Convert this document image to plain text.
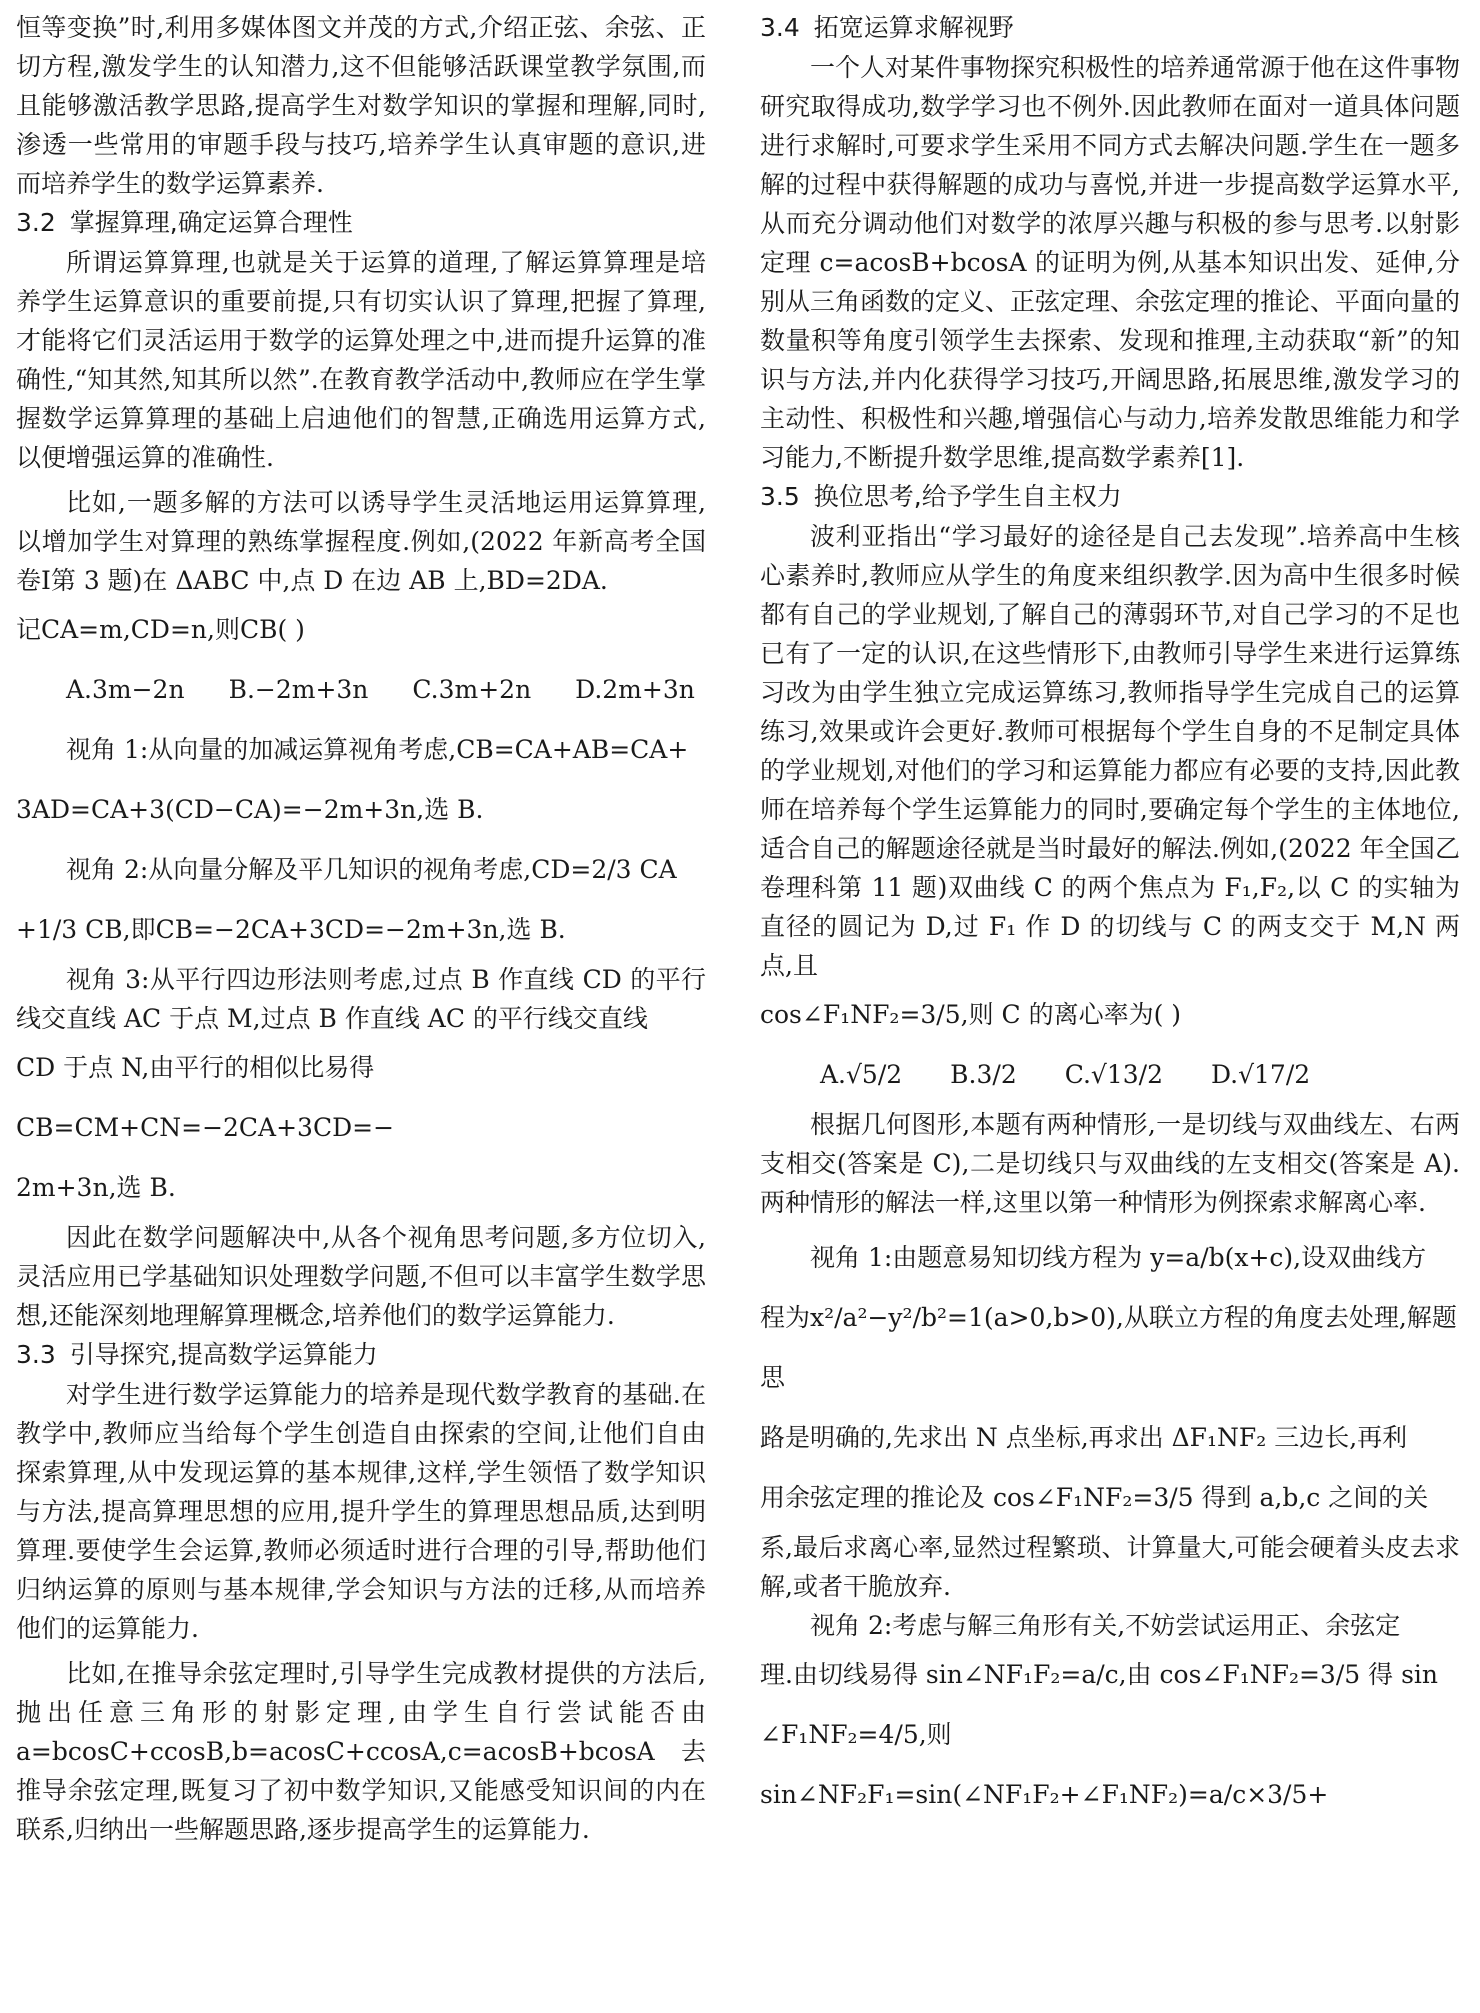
恒等变换”时,利用多媒体图文并茂的方式,介绍正弦、余弦、正切方程,激发学生的认知潜力,这不但能够活跃课堂教学氛围,而且能够激活教学思路,提高学生对数学知识的掌握和理解,同时,渗透一些常用的审题手段与技巧,培养学生认真审题的意识,进而培养学生的数学运算素养.

3.2 掌握算理,确定运算合理性

所谓运算算理,也就是关于运算的道理,了解运算算理是培养学生运算意识的重要前提,只有切实认识了算理,把握了算理,才能将它们灵活运用于数学的运算处理之中,进而提升运算的准确性,“知其然,知其所以然”.在教育教学活动中,教师应在学生掌握数学运算算理的基础上启迪他们的智慧,正确选用运算方式,以便增强运算的准确性.

比如,一题多解的方法可以诱导学生灵活地运用运算算理,以增加学生对算理的熟练掌握程度.例如,(2022 年新高考全国卷Ⅰ第 3 题)在 ΔABC 中,点 D 在边 AB 上,BD=2DA.

记CA=m,CD=n,则CB( )

A.3m−2n B.−2m+3n C.3m+2n D.2m+3n

视角 1:从向量的加减运算视角考虑,CB=CA+AB=CA+

3AD=CA+3(CD−CA)=−2m+3n,选 B.

视角 2:从向量分解及平几知识的视角考虑,CD=2/3 CA

+1/3 CB,即CB=−2CA+3CD=−2m+3n,选 B.

视角 3:从平行四边形法则考虑,过点 B 作直线 CD 的平行线交直线 AC 于点 M,过点 B 作直线 AC 的平行线交直线

CD 于点 N,由平行的相似比易得CB=CM+CN=−2CA+3CD=−

2m+3n,选 B.

因此在数学问题解决中,从各个视角思考问题,多方位切入,灵活应用已学基础知识处理数学问题,不但可以丰富学生数学思想,还能深刻地理解算理概念,培养他们的数学运算能力.

3.3 引导探究,提高数学运算能力

对学生进行数学运算能力的培养是现代数学教育的基础.在教学中,教师应当给每个学生创造自由探索的空间,让他们自由探索算理,从中发现运算的基本规律,这样,学生领悟了数学知识与方法,提高算理思想的应用,提升学生的算理思想品质,达到明算理.要使学生会运算,教师必须适时进行合理的引导,帮助他们归纳运算的原则与基本规律,学会知识与方法的迁移,从而培养他们的运算能力.

比如,在推导余弦定理时,引导学生完成教材提供的方法后,抛出任意三角形的射影定理,由学生自行尝试能否由 a=bcosC+ccosB,b=acosC+ccosA,c=acosB+bcosA 去推导余弦定理,既复习了初中数学知识,又能感受知识间的内在联系,归纳出一些解题思路,逐步提高学生的运算能力.

3.4 拓宽运算求解视野

一个人对某件事物探究积极性的培养通常源于他在这件事物研究取得成功,数学学习也不例外.因此教师在面对一道具体问题进行求解时,可要求学生采用不同方式去解决问题.学生在一题多解的过程中获得解题的成功与喜悦,并进一步提高数学运算水平,从而充分调动他们对数学的浓厚兴趣与积极的参与思考.以射影定理 c=acosB+bcosA 的证明为例,从基本知识出发、延伸,分别从三角函数的定义、正弦定理、余弦定理的推论、平面向量的数量积等角度引领学生去探索、发现和推理,主动获取“新”的知识与方法,并内化获得学习技巧,开阔思路,拓展思维,激发学习的主动性、积极性和兴趣,增强信心与动力,培养发散思维能力和学习能力,不断提升数学思维,提高数学素养[1].

3.5 换位思考,给予学生自主权力

波利亚指出“学习最好的途径是自己去发现”.培养高中生核心素养时,教师应从学生的角度来组织教学.因为高中生很多时候都有自己的学业规划,了解自己的薄弱环节,对自己学习的不足也已有了一定的认识,在这些情形下,由教师引导学生来进行运算练习改为由学生独立完成运算练习,教师指导学生完成自己的运算练习,效果或许会更好.教师可根据每个学生自身的不足制定具体的学业规划,对他们的学习和运算能力都应有必要的支持,因此教师在培养每个学生运算能力的同时,要确定每个学生的主体地位,适合自己的解题途径就是当时最好的解法.例如,(2022 年全国乙卷理科第 11 题)双曲线 C 的两个焦点为 F₁,F₂,以 C 的实轴为直径的圆记为 D,过 F₁ 作 D 的切线与 C 的两支交于 M,N 两点,且

cos∠F₁NF₂=3/5,则 C 的离心率为( )

A.√5/2 B.3/2 C.√13/2 D.√17/2

根据几何图形,本题有两种情形,一是切线与双曲线左、右两支相交(答案是 C),二是切线只与双曲线的左支相交(答案是 A).两种情形的解法一样,这里以第一种情形为例探索求解离心率.

视角 1:由题意易知切线方程为 y=a/b(x+c),设双曲线方

程为x²/a²−y²/b²=1(a>0,b>0),从联立方程的角度去处理,解题思

路是明确的,先求出 N 点坐标,再求出 ΔF₁NF₂ 三边长,再利

用余弦定理的推论及 cos∠F₁NF₂=3/5 得到 a,b,c 之间的关

系,最后求离心率,显然过程繁琐、计算量大,可能会硬着头皮去求解,或者干脆放弃.

视角 2:考虑与解三角形有关,不妨尝试运用正、余弦定

理.由切线易得 sin∠NF₁F₂=a/c,由 cos∠F₁NF₂=3/5 得 sin

∠F₁NF₂=4/5,则 sin∠NF₂F₁=sin(∠NF₁F₂+∠F₁NF₂)=a/c×3/5+
